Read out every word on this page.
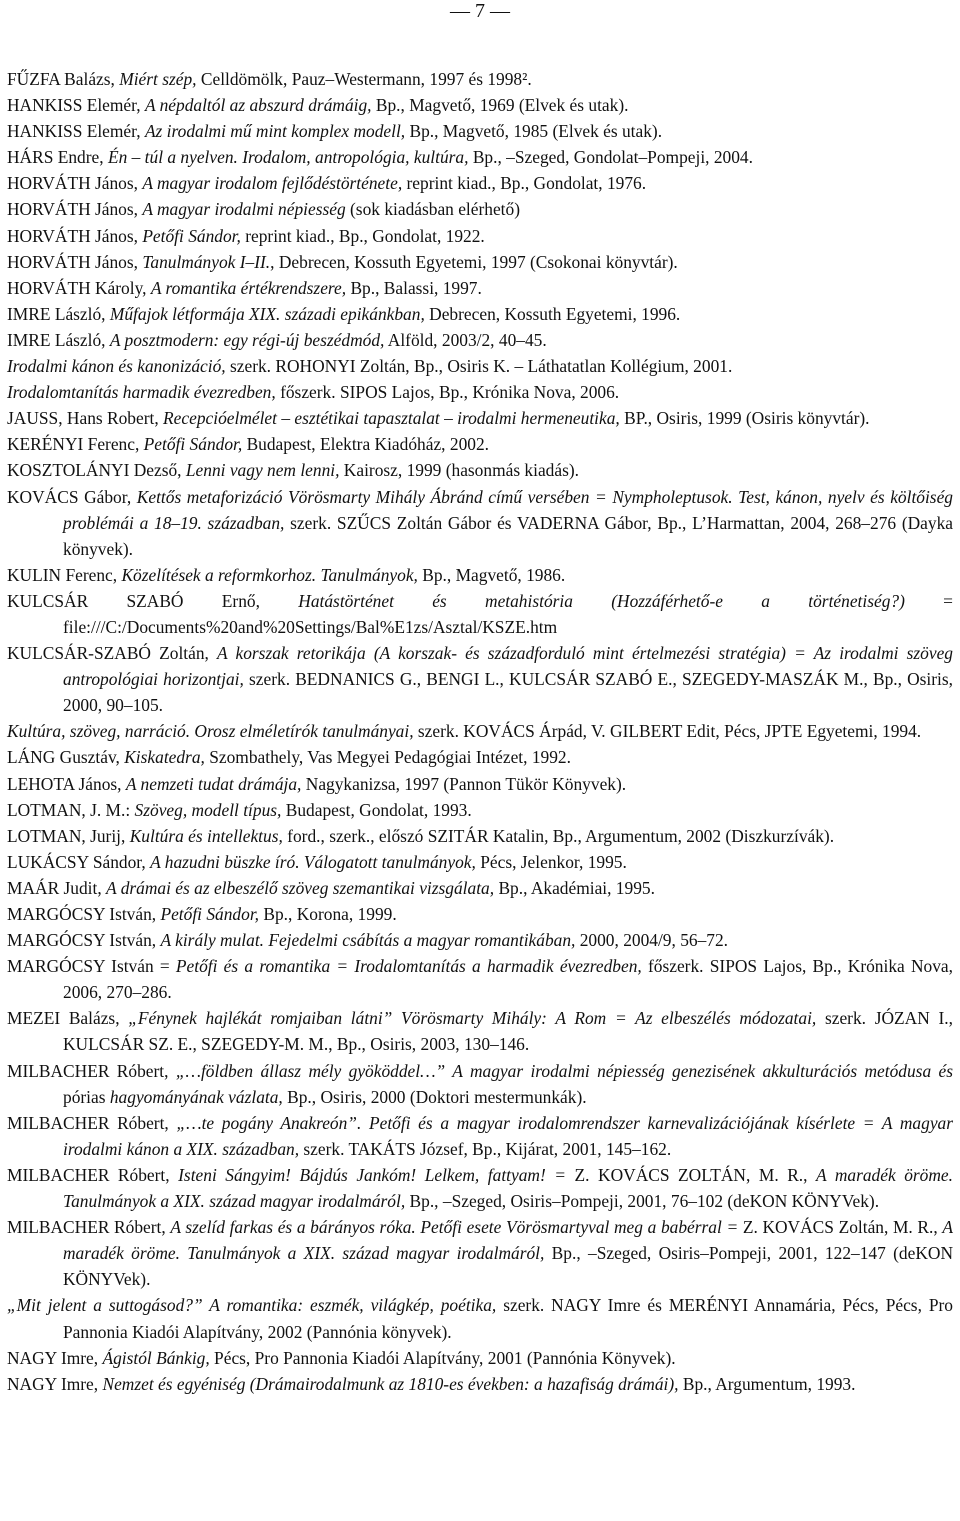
— 7 —

FŰZFA Balázs, Miért szép, Celldömölk, Pauz–Westermann, 1997 és 1998².

HANKISS Elemér, A népdaltól az abszurd drámáig, Bp., Magvető, 1969 (Elvek és utak).

HANKISS Elemér, Az irodalmi mű mint komplex modell, Bp., Magvető, 1985 (Elvek és utak).

HÁRS Endre, Én – túl a nyelven. Irodalom, antropológia, kultúra, Bp., –Szeged, Gondolat–Pompeji, 2004.

HORVÁTH János, A magyar irodalom fejlődéstörténete, reprint kiad., Bp., Gondolat, 1976.

HORVÁTH János, A magyar irodalmi népiesség (sok kiadásban elérhető)

HORVÁTH János, Petőfi Sándor, reprint kiad., Bp., Gondolat, 1922.

HORVÁTH János, Tanulmányok I–II., Debrecen, Kossuth Egyetemi, 1997 (Csokonai könyvtár).

HORVÁTH Károly, A romantika értékrendszere, Bp., Balassi, 1997.

IMRE László, Műfajok létformája XIX. századi epikánkban, Debrecen, Kossuth Egyetemi, 1996.

IMRE László, A posztmodern: egy régi-új beszédmód, Alföld, 2003/2, 40–45.

Irodalmi kánon és kanonizáció, szerk. ROHONYI Zoltán, Bp., Osiris K. – Láthatatlan Kollégium, 2001.

Irodalomtanítás harmadik évezredben, főszerk. SIPOS Lajos, Bp., Krónika Nova, 2006.

JAUSS, Hans Robert, Recepcióelmélet – esztétikai tapasztalat – irodalmi hermeneutika, BP., Osiris, 1999 (Osiris könyvtár).

KERÉNYI Ferenc, Petőfi Sándor, Budapest, Elektra Kiadóház, 2002.

KOSZTOLÁNYI Dezső, Lenni vagy nem lenni, Kairosz, 1999 (hasonmás kiadás).

KOVÁCS Gábor, Kettős metaforizáció Vörösmarty Mihály Ábránd című versében = Nympholeptusok. Test, kánon, nyelv és költőiség problémái a 18–19. században, szerk. SZŰCS Zoltán Gábor és VADERNA Gábor, Bp., L’Harmattan, 2004, 268–276 (Dayka könyvek).

KULIN Ferenc, Közelítések a reformkorhoz. Tanulmányok, Bp., Magvető, 1986.

KULCSÁR SZABÓ Ernő, Hatástörténet és metahistória (Hozzáférhető-e a történetiség?) = file:///C:/Documents%20and%20Settings/Bal%E1zs/Asztal/KSZE.htm

KULCSÁR-SZABÓ Zoltán, A korszak retorikája (A korszak- és századforduló mint értelmezési stratégia) = Az irodalmi szöveg antropológiai horizontjai, szerk. BEDNANICS G., BENGI L., KULCSÁR SZABÓ E., SZEGEDY-MASZÁK M., Bp., Osiris, 2000, 90–105.

Kultúra, szöveg, narráció. Orosz elméletírók tanulmányai, szerk. KOVÁCS Árpád, V. GILBERT Edit, Pécs, JPTE Egyetemi, 1994.

LÁNG Gusztáv, Kiskatedra, Szombathely, Vas Megyei Pedagógiai Intézet, 1992.

LEHOTA János, A nemzeti tudat drámája, Nagykanizsa, 1997 (Pannon Tükör Könyvek).

LOTMAN, J. M.: Szöveg, modell típus, Budapest, Gondolat, 1993.

LOTMAN, Jurij, Kultúra és intellektus, ford., szerk., előszó SZITÁR Katalin, Bp., Argumentum, 2002 (Diszkurzívák).

LUKÁCSY Sándor, A hazudni büszke író. Válogatott tanulmányok, Pécs, Jelenkor, 1995.

MAÁR Judit, A drámai és az elbeszélő szöveg szemantikai vizsgálata, Bp., Akadémiai, 1995.

MARGÓCSY István, Petőfi Sándor, Bp., Korona, 1999.

MARGÓCSY István, A király mulat. Fejedelmi csábítás a magyar romantikában, 2000, 2004/9, 56–72.

MARGÓCSY István = Petőfi és a romantika = Irodalomtanítás a harmadik évezredben, főszerk. SIPOS Lajos, Bp., Krónika Nova, 2006, 270–286.

MEZEI Balázs, „Fénynek hajlékát romjaiban látni” Vörösmarty Mihály: A Rom = Az elbeszélés módozatai, szerk. JÓZAN I., KULCSÁR SZ. E., SZEGEDY-M. M., Bp., Osiris, 2003, 130–146.

MILBACHER Róbert, „…földben állasz mély gyököddel…” A magyar irodalmi népiesség genezisének akkulturációs metódusa és pórias hagyományának vázlata, Bp., Osiris, 2000 (Doktori mestermunkák).

MILBACHER Róbert, „…te pogány Anakreón”. Petőfi és a magyar irodalomrendszer karnevalizációjának kísérlete = A magyar irodalmi kánon a XIX. században, szerk. TAKÁTS József, Bp., Kijárat, 2001, 145–162.

MILBACHER Róbert, Isteni Sángyim! Bájdús Jankóm! Lelkem, fattyam! = Z. KOVÁCS ZOLTÁN, M. R., A maradék öröme. Tanulmányok a XIX. század magyar irodalmáról, Bp., –Szeged, Osiris–Pompeji, 2001, 76–102 (deKON KÖNYVek).

MILBACHER Róbert, A szelíd farkas és a bárányos róka. Petőfi esete Vörösmartyval meg a babérral = Z. KOVÁCS Zoltán, M. R., A maradék öröme. Tanulmányok a XIX. század magyar irodalmáról, Bp., –Szeged, Osiris–Pompeji, 2001, 122–147 (deKON KÖNYVek).

„Mit jelent a suttogásod?” A romantika: eszmék, világkép, poétika, szerk. NAGY Imre és MERÉNYI Annamária, Pécs, Pécs, Pro Pannonia Kiadói Alapítvány, 2002 (Pannónia könyvek).

NAGY Imre, Ágistól Bánkig, Pécs, Pro Pannonia Kiadói Alapítvány, 2001 (Pannónia Könyvek).

NAGY Imre, Nemzet és egyéniség (Drámairodalmunk az 1810-es években: a hazafiság drámái), Bp., Argumentum, 1993.
